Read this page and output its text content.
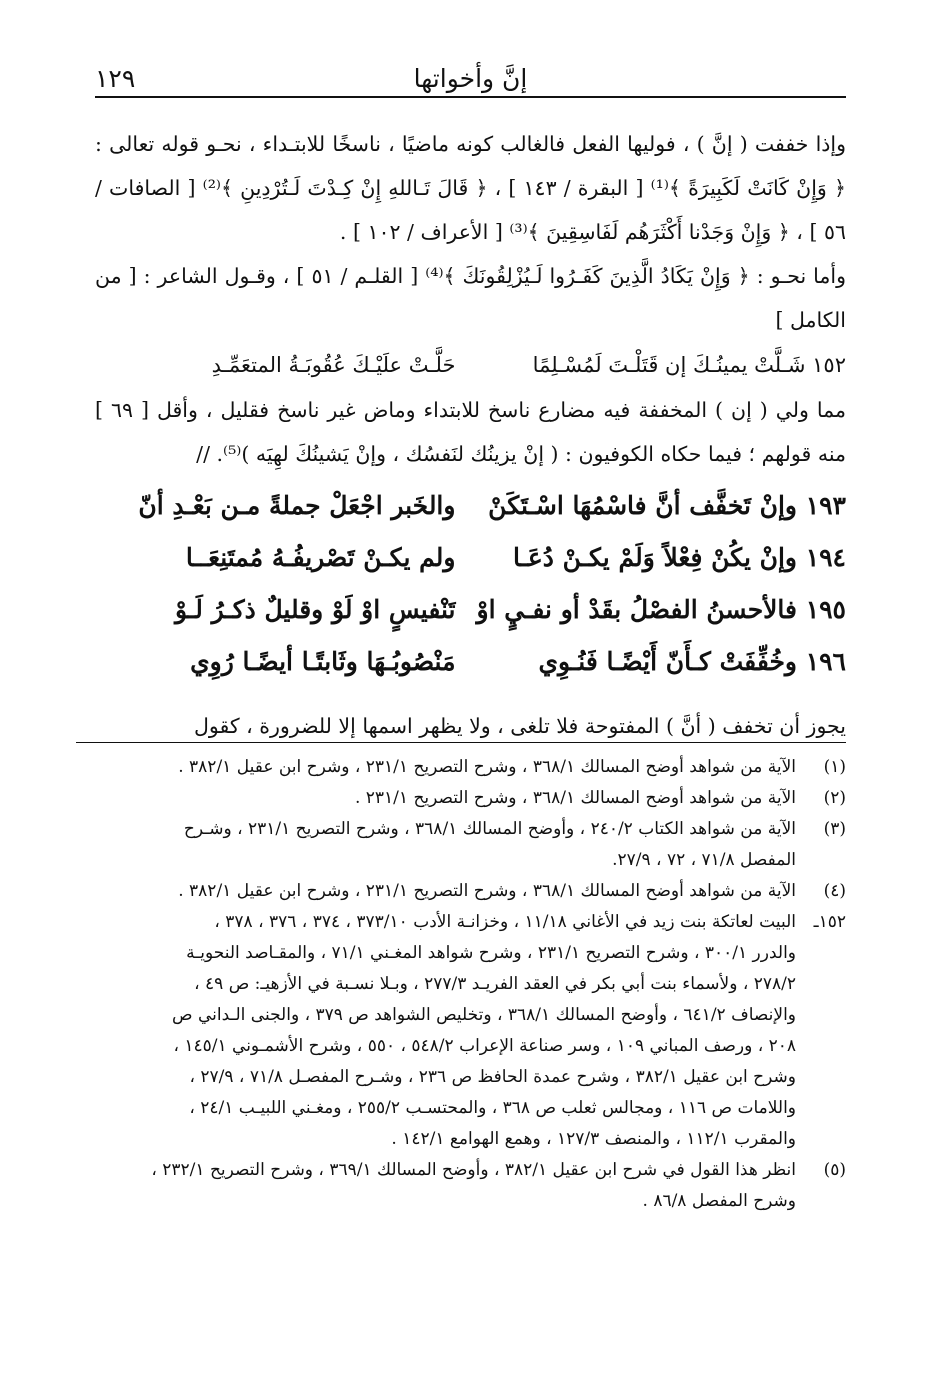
إنَّ وأخواتها
١٢٩

وإذا خففت ( إنَّ ) ، فوليها الفعل فالغالب كونه ماضيًا ، ناسخًا للابتـداء ، نحـو قوله تعالى : ﴿ وَإِنْ كَانَتْ لَكَبِيرَةً ﴾⁽¹⁾ [ البقرة / ١٤٣ ] ، ﴿ قَالَ تَـاللهِ إِنْ كِـدْتَ لَـتُرْدِينِ ﴾⁽²⁾ [ الصافات / ٥٦ ] ، ﴿ وَإِنْ وَجَدْنا أَكْثَرَهُم لَفَاسِقِينَ ﴾⁽³⁾ [ الأعراف / ١٠٢ ] .

وأما نحـو : ﴿ وَإِنْ يَكَادُ الَّذِينَ كَفَـرُوا لَـيُزْلِقُونَكَ ﴾⁽⁴⁾ [ القلـم / ٥١ ] ، وقـول الشاعر : [ من الكامل ]

١٥٢ شَـلَّتْ يمينُـكَ إن قَتَلْـتَ لَمُسْـلِمًا
حَلَّـتْ علَيْـكَ عُقُوبَـةُ المتعَمِّـدِ

مما ولي ( إن ) المخففة فيه مضارع ناسخ للابتداء وماض غير ناسخ فقليل ، وأقل [ ٦٩ ] منه قولهم ؛ فيما حكاه الكوفيون : ( إنْ يزينُك لنَفسُك ، وإنْ يَشينُكَ لهِيَه )⁽⁵⁾. //

١٩٣ وإنْ تَخفَّف أنَّ فاسْمُهَا اسْـتَكَنْ
والخَبر اجْعَلْ جملةً مـن بَعْـدِ أنّ
١٩٤ وإنْ يكُنْ فِعْلاً وَلَمْ يكـنْ دُعَـا
ولم يكـنْ تَصْريفُـهُ مُمتَنِعَــا
١٩٥ فالأحسنُ الفصْلُ بقَدْ أو نفـيٍ اوْ
تَنْفيسٍ اوْ لَوْ وقليلٌ ذكـرُ لَـوْ
١٩٦ وخُفِّفَتْ كـأَنّ أَيْضًـا فَنُـوِي
مَنْصُوبُـهَا وثَابتًـا أيضًـا رُوِي

يجوز أن تخفف ( أنَّ ) المفتوحة فلا تلغى ، ولا يظهر اسمها إلا للضرورة ، كقول

(١)
الآية من شواهد أوضح المسالك ٣٦٨/١ ، وشرح التصريح ٢٣١/١ ، وشرح ابن عقيل ٣٨٢/١ .
(٢)
الآية من شواهد أوضح المسالك ٣٦٨/١ ، وشرح التصريح ٢٣١/١ .
(٣)
الآية من شواهد الكتاب ٢٤٠/٢ ، وأوضح المسالك ٣٦٨/١ ، وشرح التصريح ٢٣١/١ ، وشـرح
المفصل ٧١/٨ ، ٧٢ ، ٢٧/٩.
(٤)
الآية من شواهد أوضح المسالك ٣٦٨/١ ، وشرح التصريح ٢٣١/١ ، وشرح ابن عقيل ٣٨٢/١ .
١٥٢ـ
البيت لعاتكة بنت زيد في الأغاني ١١/١٨ ، وخزانـة الأدب ٣٧٣/١٠ ، ٣٧٤ ، ٣٧٦ ، ٣٧٨ ،
والدرر ٣٠٠/١ ، وشرح التصريح ٢٣١/١ ، وشرح شواهد المغـني ٧١/١ ، والمقـاصد النحويـة
٢٧٨/٢ ، ولأسماء بنت أبي بكر في العقد الفريـد ٢٧٧/٣ ، وبـلا نسـبة في الأزهيـ: ص ٤٩ ،
والإنصاف ٦٤١/٢ ، وأوضح المسالك ٣٦٨/١ ، وتخليص الشواهد ص ٣٧٩ ، والجنى الـداني ص
٢٠٨ ، ورصف المباني ١٠٩ ، وسر صناعة الإعراب ٥٤٨/٢ ، ٥٥٠ ، وشرح الأشمـوني ١٤٥/١ ،
وشرح ابن عقيل ٣٨٢/١ ، وشرح عمدة الحافظ ص ٢٣٦ ، وشـرح المفصـل ٧١/٨ ، ٢٧/٩ ،
واللامات ص ١١٦ ، ومجالس ثعلب ص ٣٦٨ ، والمحتسـب ٢٥٥/٢ ، ومغـني اللبيـب ٢٤/١ ،
والمقرب ١١٢/١ ، والمنصف ١٢٧/٣ ، وهمع الهوامع ١٤٢/١ .
(٥)
انظر هذا القول في شرح ابن عقيل ٣٨٢/١ ، وأوضح المسالك ٣٦٩/١ ، وشرح التصريح ٢٣٢/١ ،
وشرح المفصل ٨٦/٨ .
